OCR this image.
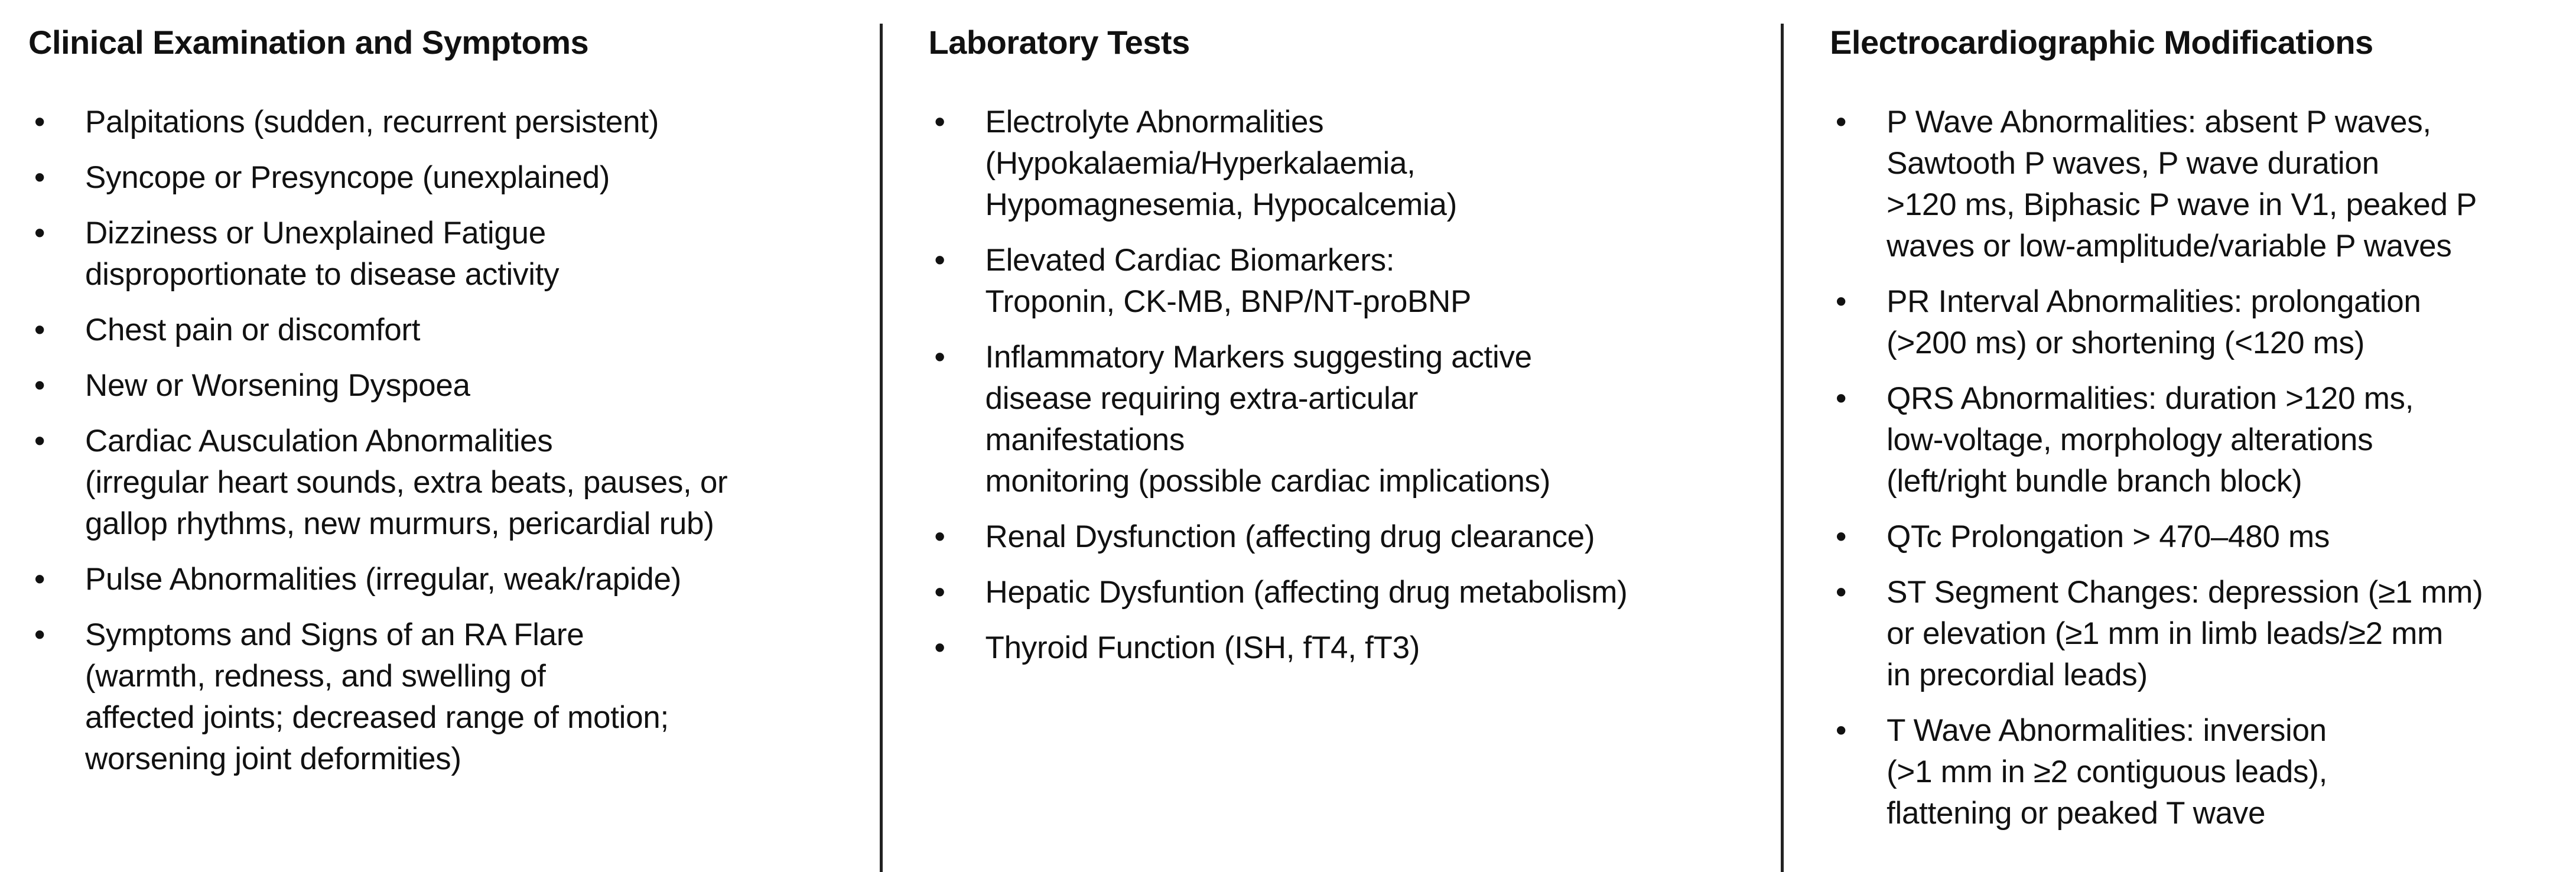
Clinical Examination and Symptoms
• Palpitations (sudden, recurrent persistent)
• Syncope or Presyncope (unexplained)
• Dizziness or Unexplained Fatigue
disproportionate to disease activity
• Chest pain or discomfort
• New or Worsening Dyspoea
• Cardiac Ausculation Abnormalities
(irregular heart sounds, extra beats, pauses, or
gallop rhythms, new murmurs, pericardial rub)
• Pulse Abnormalities (irregular, weak/rapide)
• Symptoms and Signs of an RA Flare
(warmth, redness, and swelling of
affected joints; decreased range of motion;
worsening joint deformities)
Laboratory Tests
• Electrolyte Abnormalities
(Hypokalaemia/Hyperkalaemia,
Hypomagnesemia, Hypocalcemia)
• Elevated Cardiac Biomarkers:
Troponin, CK-MB, BNP/NT-proBNP
• Inflammatory Markers suggesting active
disease requiring extra-articular
manifestations
monitoring (possible cardiac implications)
• Renal Dysfunction (affecting drug clearance)
• Hepatic Dysfuntion (affecting drug metabolism)
• Thyroid Function (ISH, fT4, fT3)
Electrocardiographic Modifications
• P Wave Abnormalities: absent P waves,
Sawtooth P waves, P wave duration
>120 ms, Biphasic P wave in V1, peaked P
waves or low-amplitude/variable P waves
• PR Interval Abnormalities: prolongation
(>200 ms) or shortening (<120 ms)
• QRS Abnormalities: duration >120 ms,
low-voltage, morphology alterations
(left/right bundle branch block)
• QTc Prolongation > 470–480 ms
• ST Segment Changes: depression (≥1 mm)
or elevation (≥1 mm in limb leads/≥2 mm
in precordial leads)
• T Wave Abnormalities: inversion
(>1 mm in ≥2 contiguous leads),
flattening or peaked T wave
